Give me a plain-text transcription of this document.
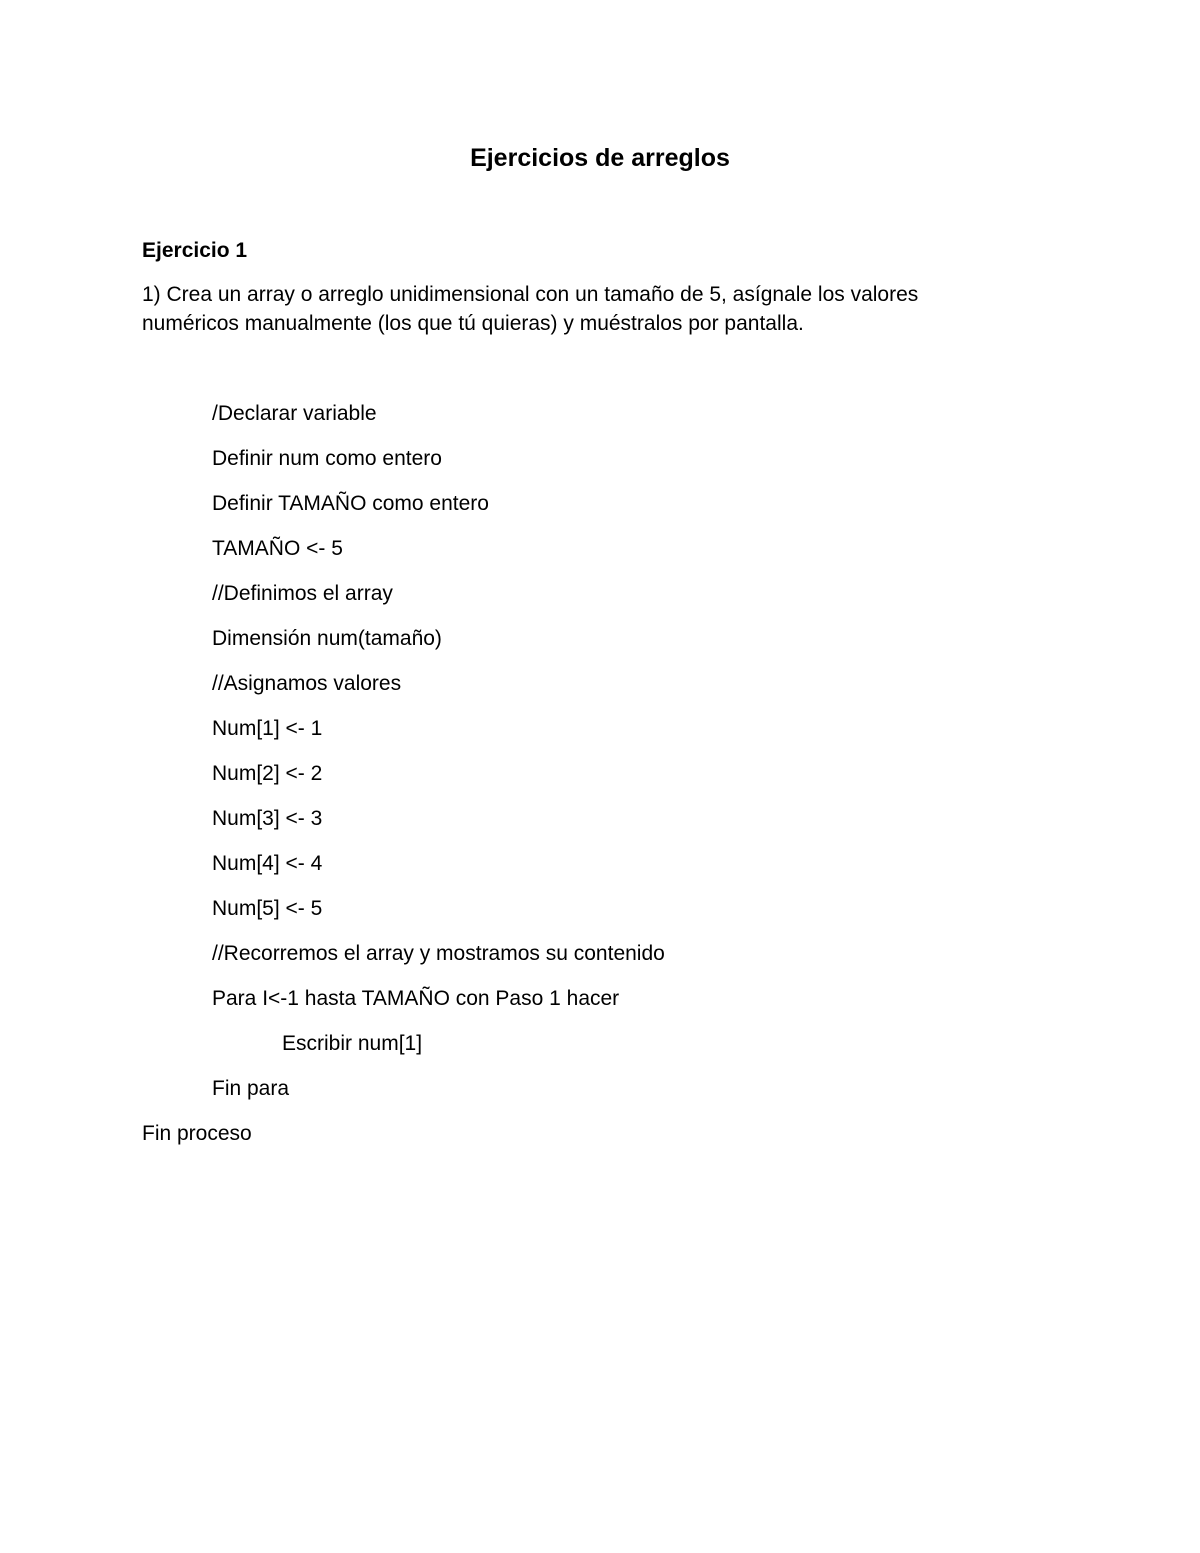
Ejercicios de arreglos
Ejercicio 1
1) Crea un array o arreglo unidimensional con un tamaño de 5, asígnale los valores
numéricos manualmente (los que tú quieras) y muéstralos por pantalla.
/Declarar variable
Definir num como entero
Definir TAMAÑO como entero
TAMAÑO <- 5
//Definimos el array
Dimensión num(tamaño)
//Asignamos valores
Num[1] <- 1
Num[2] <- 2
Num[3] <- 3
Num[4] <- 4
Num[5] <- 5
//Recorremos el array y mostramos su contenido
Para I<-1 hasta TAMAÑO con Paso 1 hacer
Escribir num[1]
Fin para
Fin proceso
